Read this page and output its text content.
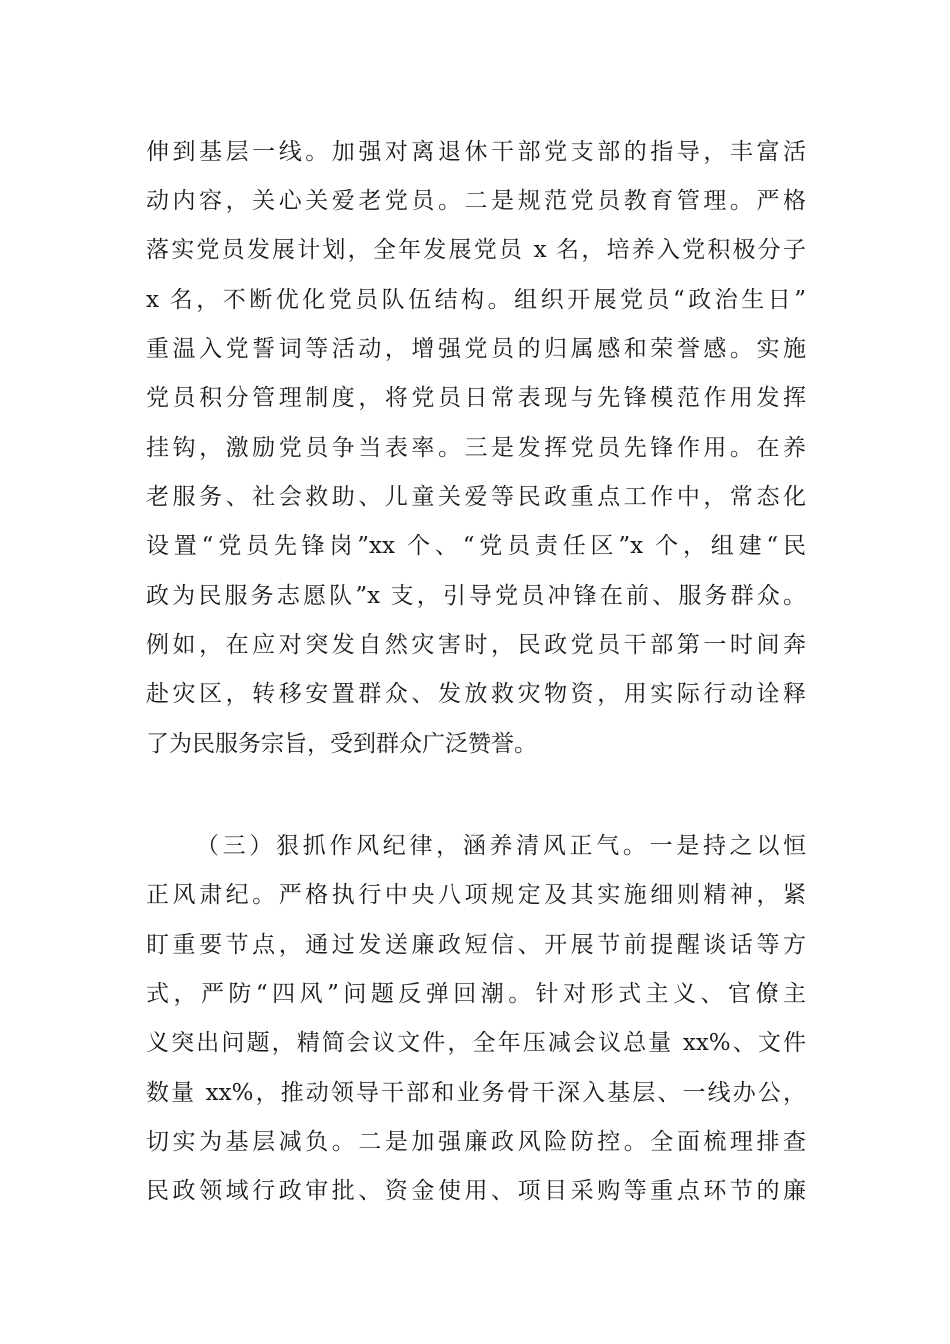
伸到基层一线。加强对离退休干部党支部的指导，丰富活
动内容，关心关爱老党员。二是规范党员教育管理。严格
落实党员发展计划，全年发展党员 x 名，培养入党积极分子
x 名，不断优化党员队伍结构。组织开展党员“政治生日”
重温入党誓词等活动，增强党员的归属感和荣誉感。实施
党员积分管理制度，将党员日常表现与先锋模范作用发挥
挂钩，激励党员争当表率。三是发挥党员先锋作用。在养
老服务、社会救助、儿童关爱等民政重点工作中，常态化
设置“党员先锋岗”xx 个、“党员责任区”x 个，组建“民
政为民服务志愿队”x 支，引导党员冲锋在前、服务群众。
例如，在应对突发自然灾害时，民政党员干部第一时间奔
赴灾区，转移安置群众、发放救灾物资，用实际行动诠释
了为民服务宗旨，受到群众广泛赞誉。
（三）狠抓作风纪律，涵养清风正气。一是持之以恒
正风肃纪。严格执行中央八项规定及其实施细则精神，紧
盯重要节点，通过发送廉政短信、开展节前提醒谈话等方
式，严防“四风”问题反弹回潮。针对形式主义、官僚主
义突出问题，精简会议文件，全年压减会议总量 xx%、文件
数量 xx%，推动领导干部和业务骨干深入基层、一线办公，
切实为基层减负。二是加强廉政风险防控。全面梳理排查
民政领域行政审批、资金使用、项目采购等重点环节的廉
